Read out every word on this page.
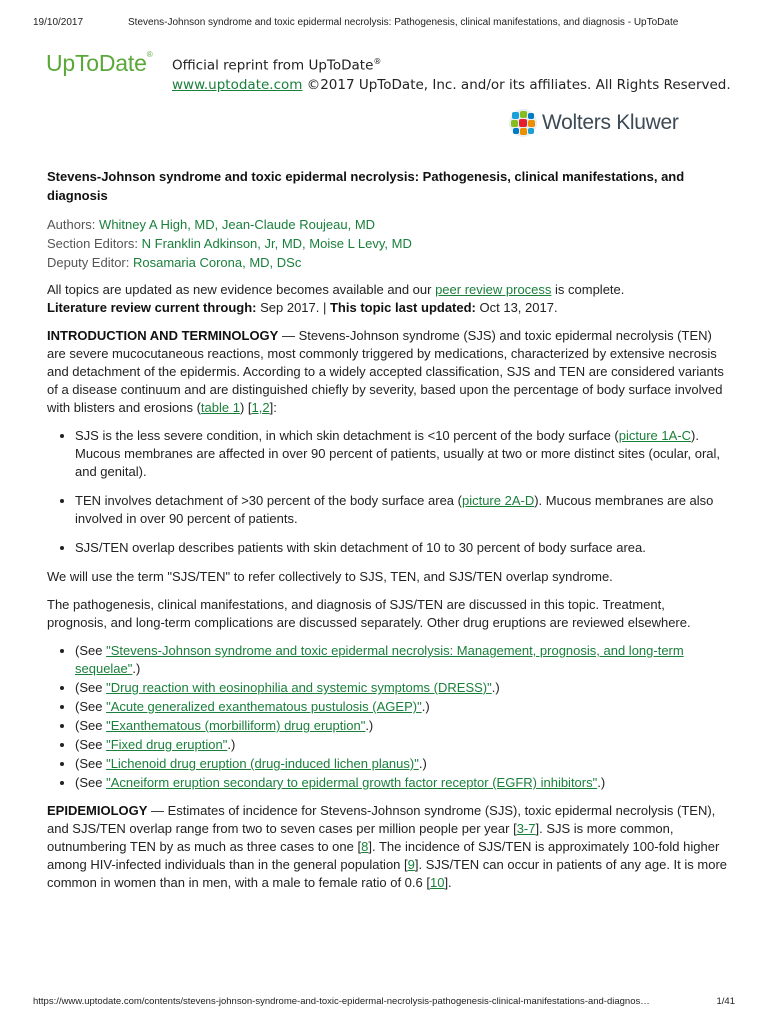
19/10/2017	Stevens-Johnson syndrome and toxic epidermal necrolysis: Pathogenesis, clinical manifestations, and diagnosis - UpToDate
UpToDate®
Official reprint from UpToDate®
www.uptodate.com ©2017 UpToDate, Inc. and/or its affiliates. All Rights Reserved.
Wolters Kluwer
Stevens-Johnson syndrome and toxic epidermal necrolysis: Pathogenesis, clinical manifestations, and diagnosis
Authors: Whitney A High, MD, Jean-Claude Roujeau, MD
Section Editors: N Franklin Adkinson, Jr, MD, Moise L Levy, MD
Deputy Editor: Rosamaria Corona, MD, DSc

All topics are updated as new evidence becomes available and our peer review process is complete.
Literature review current through: Sep 2017. | This topic last updated: Oct 13, 2017.

INTRODUCTION AND TERMINOLOGY — Stevens-Johnson syndrome (SJS) and toxic epidermal necrolysis (TEN) are severe mucocutaneous reactions, most commonly triggered by medications, characterized by extensive necrosis and detachment of the epidermis. According to a widely accepted classification, SJS and TEN are considered variants of a disease continuum and are distinguished chiefly by severity, based upon the percentage of body surface involved with blisters and erosions (table 1) [1,2]:

• SJS is the less severe condition, in which skin detachment is <10 percent of the body surface (picture 1A-C). Mucous membranes are affected in over 90 percent of patients, usually at two or more distinct sites (ocular, oral, and genital).
• TEN involves detachment of >30 percent of the body surface area (picture 2A-D). Mucous membranes are also involved in over 90 percent of patients.
• SJS/TEN overlap describes patients with skin detachment of 10 to 30 percent of body surface area.

We will use the term "SJS/TEN" to refer collectively to SJS, TEN, and SJS/TEN overlap syndrome.

The pathogenesis, clinical manifestations, and diagnosis of SJS/TEN are discussed in this topic. Treatment, prognosis, and long-term complications are discussed separately. Other drug eruptions are reviewed elsewhere.

• (See "Stevens-Johnson syndrome and toxic epidermal necrolysis: Management, prognosis, and long-term sequelae".)
• (See "Drug reaction with eosinophilia and systemic symptoms (DRESS)".)
• (See "Acute generalized exanthematous pustulosis (AGEP)".)
• (See "Exanthematous (morbilliform) drug eruption".)
• (See "Fixed drug eruption".)
• (See "Lichenoid drug eruption (drug-induced lichen planus)".)
• (See "Acneiform eruption secondary to epidermal growth factor receptor (EGFR) inhibitors".)

EPIDEMIOLOGY — Estimates of incidence for Stevens-Johnson syndrome (SJS), toxic epidermal necrolysis (TEN), and SJS/TEN overlap range from two to seven cases per million people per year [3-7]. SJS is more common, outnumbering TEN by as much as three cases to one [8]. The incidence of SJS/TEN is approximately 100-fold higher among HIV-infected individuals than in the general population [9]. SJS/TEN can occur in patients of any age. It is more common in women than in men, with a male to female ratio of 0.6 [10].

https://www.uptodate.com/contents/stevens-johnson-syndrome-and-toxic-epidermal-necrolysis-pathogenesis-clinical-manifestations-and-diagnos…	1/41
